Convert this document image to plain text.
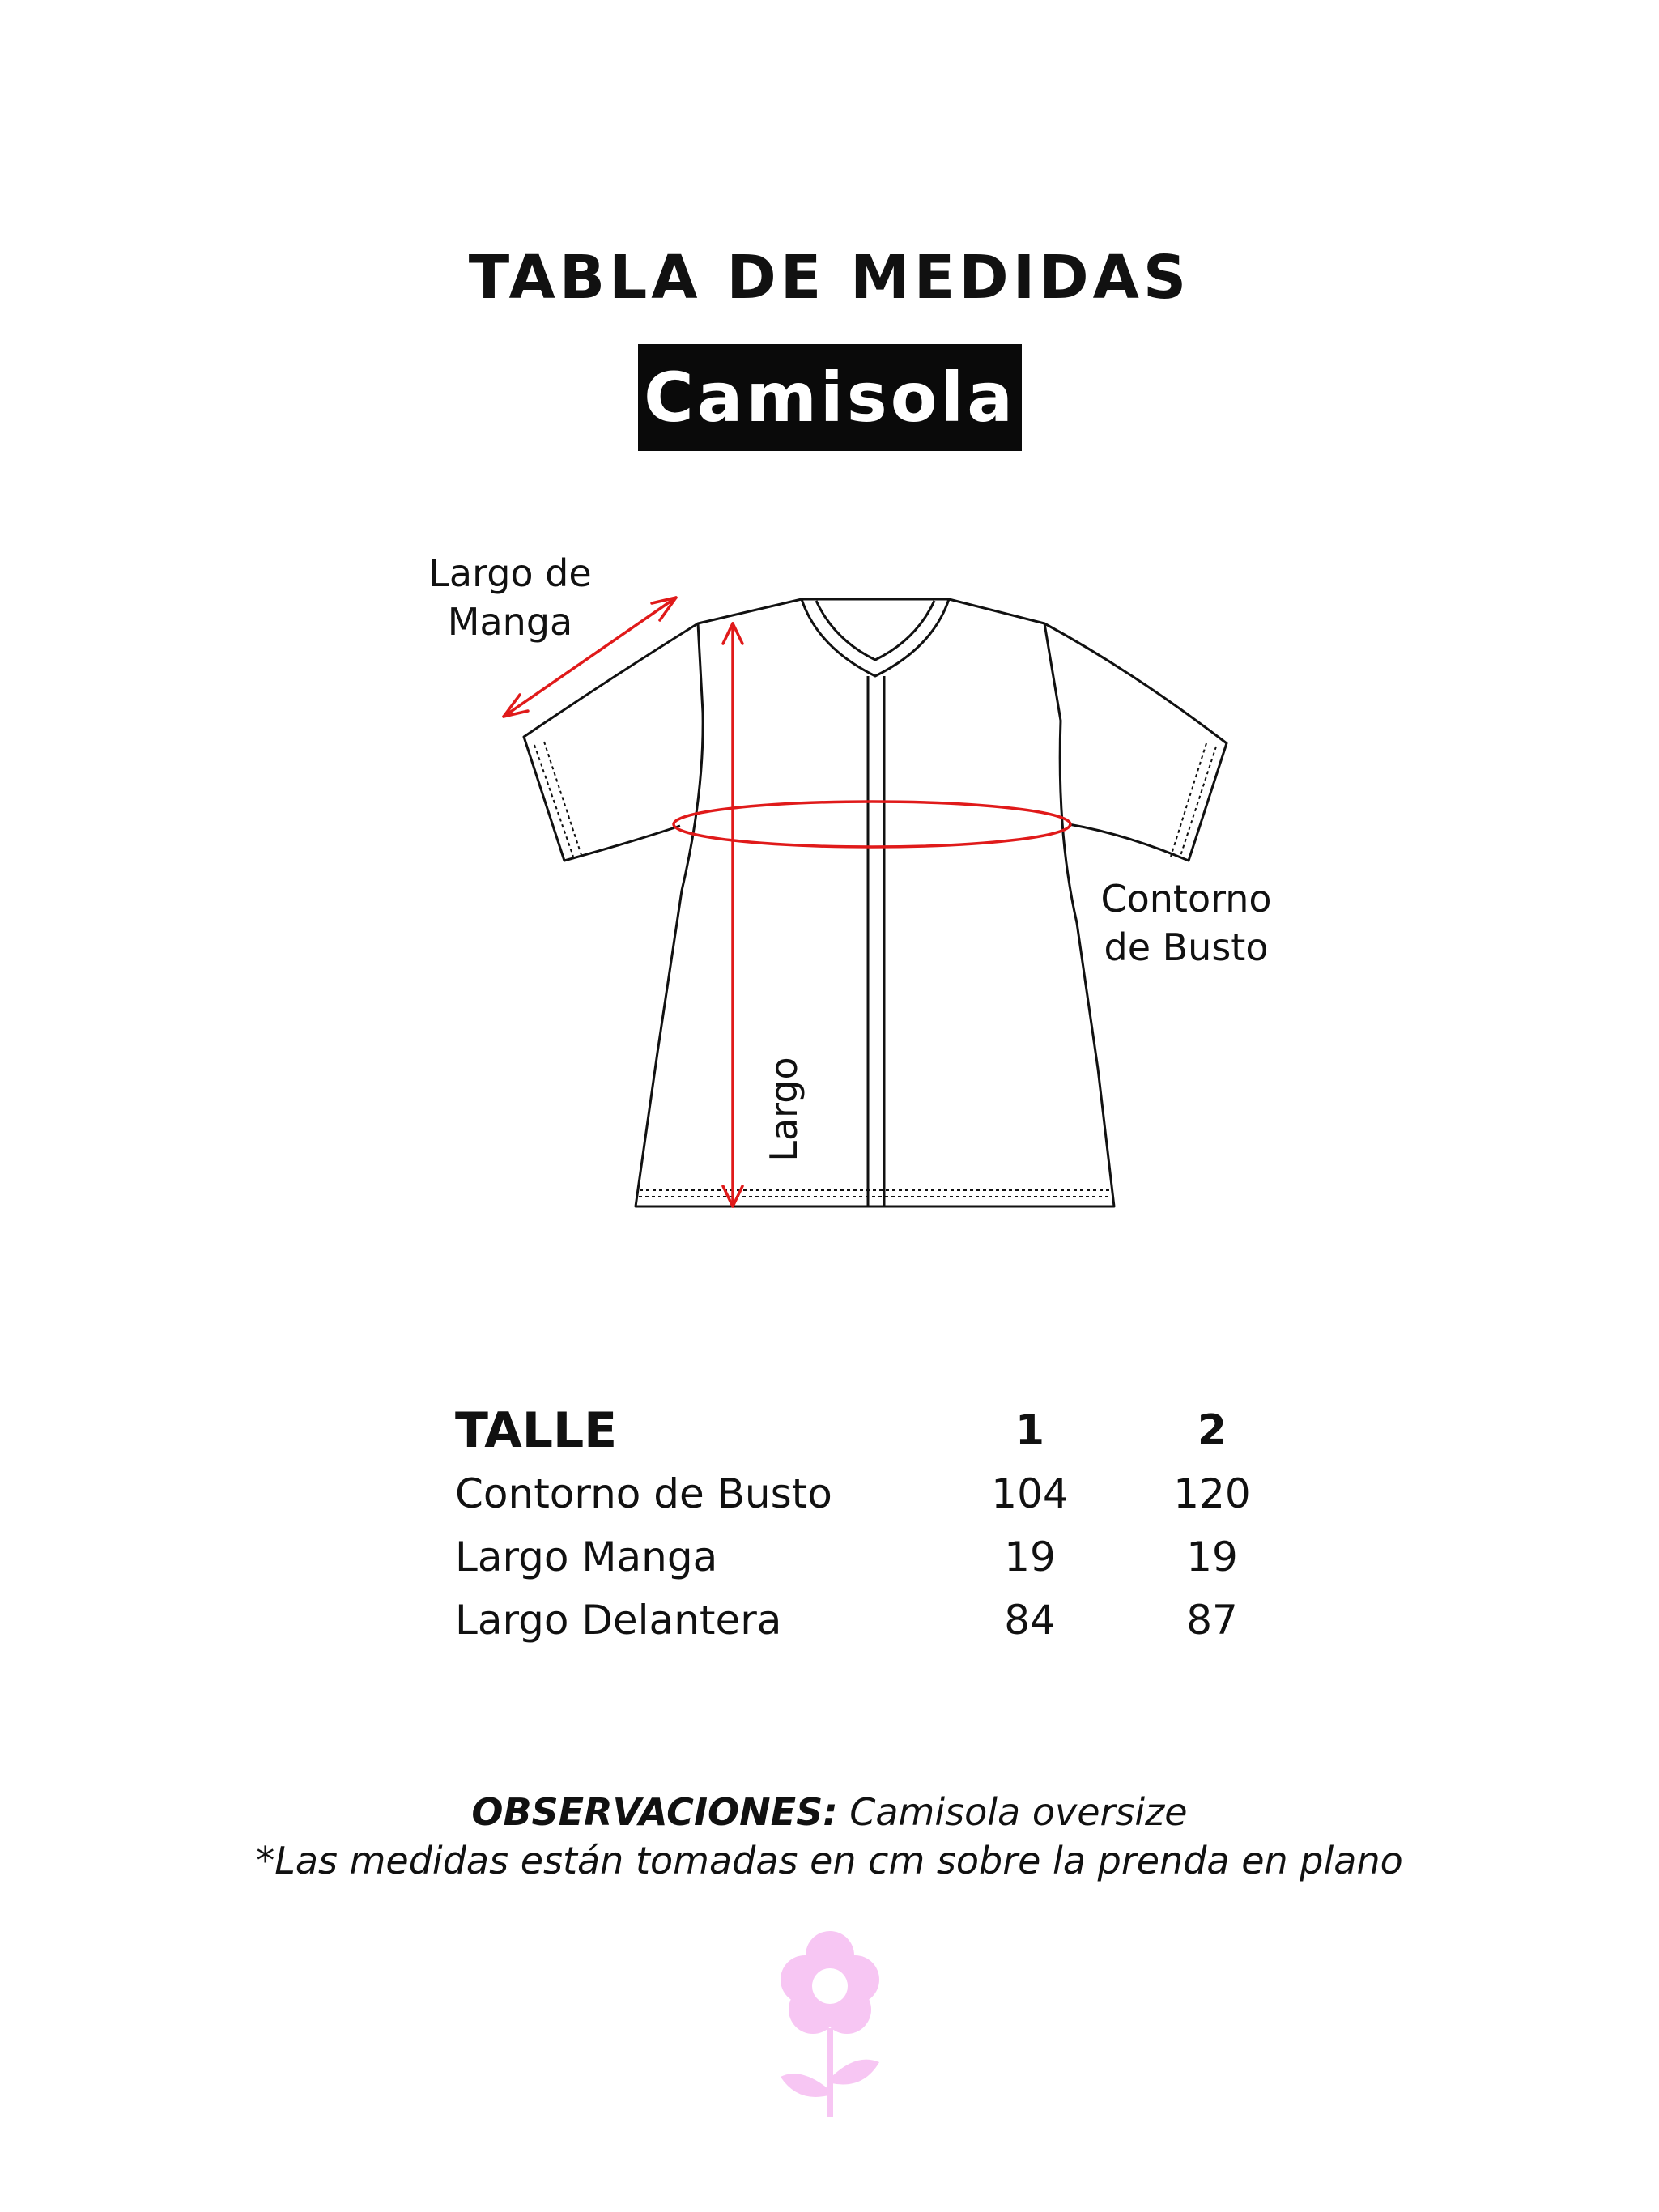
TABLA DE MEDIDAS
Camisola
Largo de
Manga
Contorno
de Busto
Largo
TALLE	1	2
Contorno de Busto	104	120
Largo Manga	19	19
Largo Delantera	84	87
OBSERVACIONES: Camisola oversize
*Las medidas están tomadas en cm sobre la prenda en plano
